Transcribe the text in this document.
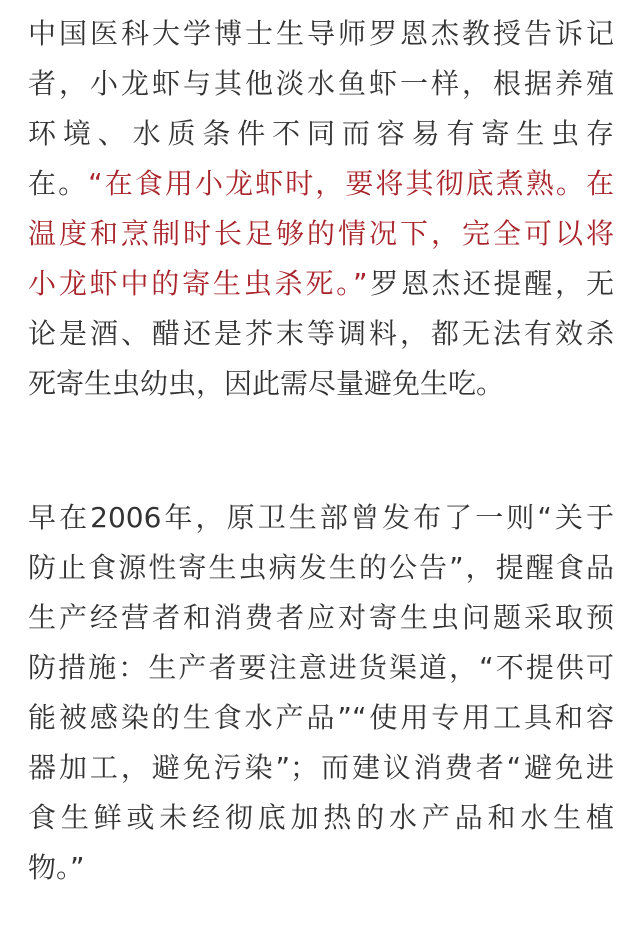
中国医科大学博士生导师罗恩杰教授告诉记
者，小龙虾与其他淡水鱼虾一样，根据养殖
环境、水质条件不同而容易有寄生虫存
在。“在食用小龙虾时，要将其彻底煮熟。在
温度和烹制时长足够的情况下，完全可以将
小龙虾中的寄生虫杀死。”罗恩杰还提醒，无
论是酒、醋还是芥末等调料，都无法有效杀
死寄生虫幼虫，因此需尽量避免生吃。
早在2006年，原卫生部曾发布了一则“关于
防止食源性寄生虫病发生的公告”，提醒食品
生产经营者和消费者应对寄生虫问题采取预
防措施：生产者要注意进货渠道，“不提供可
能被感染的生食水产品”“使用专用工具和容
器加工，避免污染”；而建议消费者“避免进
食生鲜或未经彻底加热的水产品和水生植
物。”
